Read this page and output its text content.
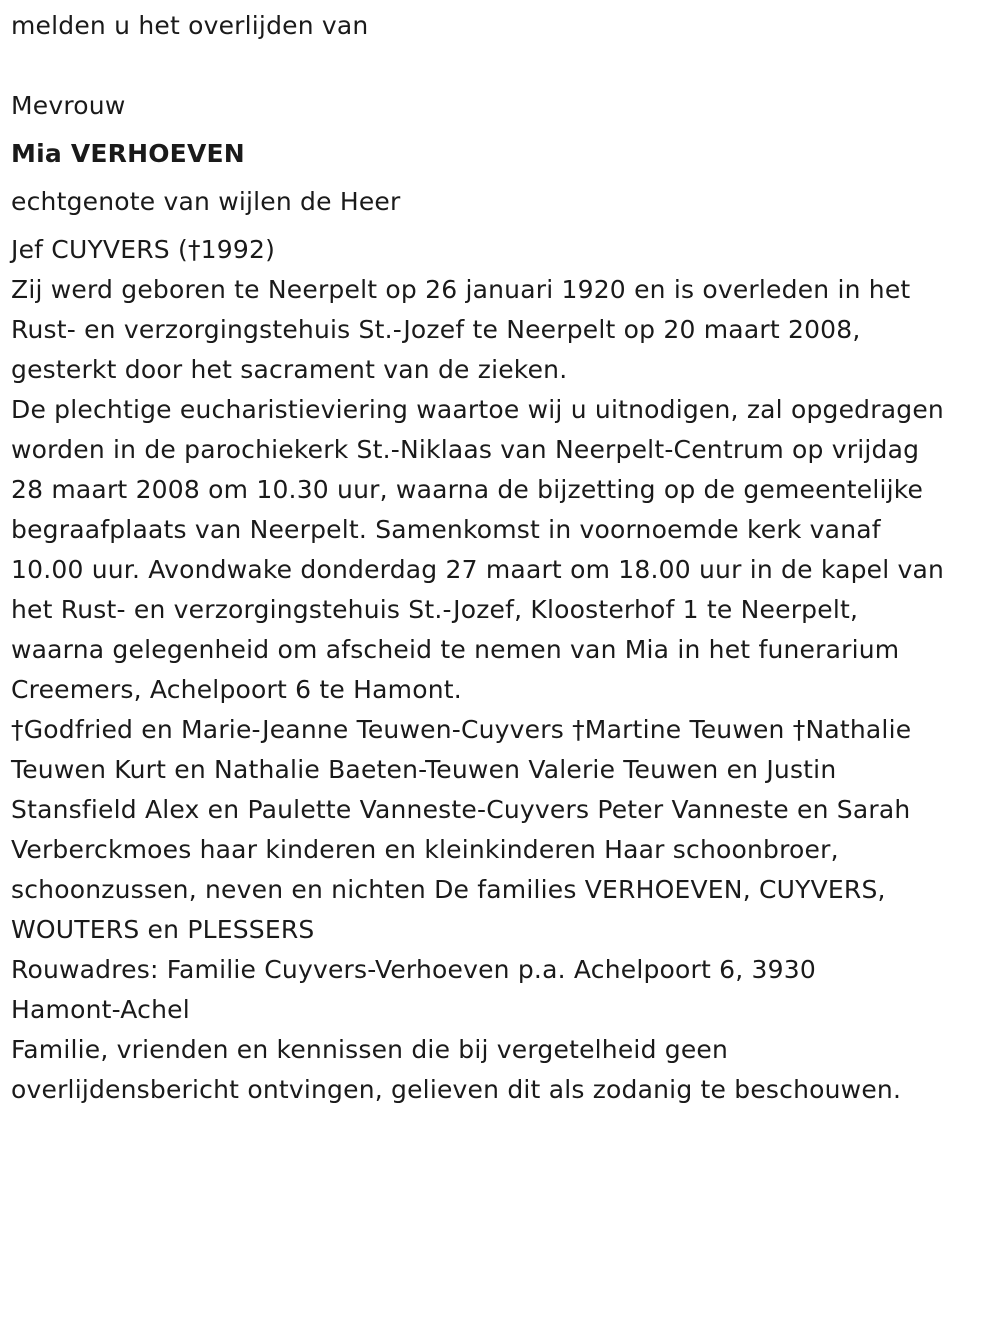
melden u het overlijden van
Mevrouw
Mia VERHOEVEN
echtgenote van wijlen de Heer
Jef CUYVERS (†1992)
Zij werd geboren te Neerpelt op 26 januari 1920 en is overleden in het
Rust- en verzorgingstehuis St.-Jozef te Neerpelt op 20 maart 2008,
gesterkt door het sacrament van de zieken.
De plechtige eucharistieviering waartoe wij u uitnodigen, zal opgedragen
worden in de parochiekerk St.-Niklaas van Neerpelt-Centrum op vrijdag
28 maart 2008 om 10.30 uur, waarna de bijzetting op de gemeentelijke
begraafplaats van Neerpelt. Samenkomst in voornoemde kerk vanaf
10.00 uur. Avondwake donderdag 27 maart om 18.00 uur in de kapel van
het Rust- en verzorgingstehuis St.-Jozef, Kloosterhof 1 te Neerpelt,
waarna gelegenheid om afscheid te nemen van Mia in het funerarium
Creemers, Achelpoort 6 te Hamont.
†Godfried en Marie-Jeanne Teuwen-Cuyvers †Martine Teuwen †Nathalie
Teuwen Kurt en Nathalie Baeten-Teuwen Valerie Teuwen en Justin
Stansfield Alex en Paulette Vanneste-Cuyvers Peter Vanneste en Sarah
Verberckmoes haar kinderen en kleinkinderen Haar schoonbroer,
schoonzussen, neven en nichten De families VERHOEVEN, CUYVERS,
WOUTERS en PLESSERS
Rouwadres: Familie Cuyvers-Verhoeven p.a. Achelpoort 6, 3930
Hamont-Achel
Familie, vrienden en kennissen die bij vergetelheid geen
overlijdensbericht ontvingen, gelieven dit als zodanig te beschouwen.
